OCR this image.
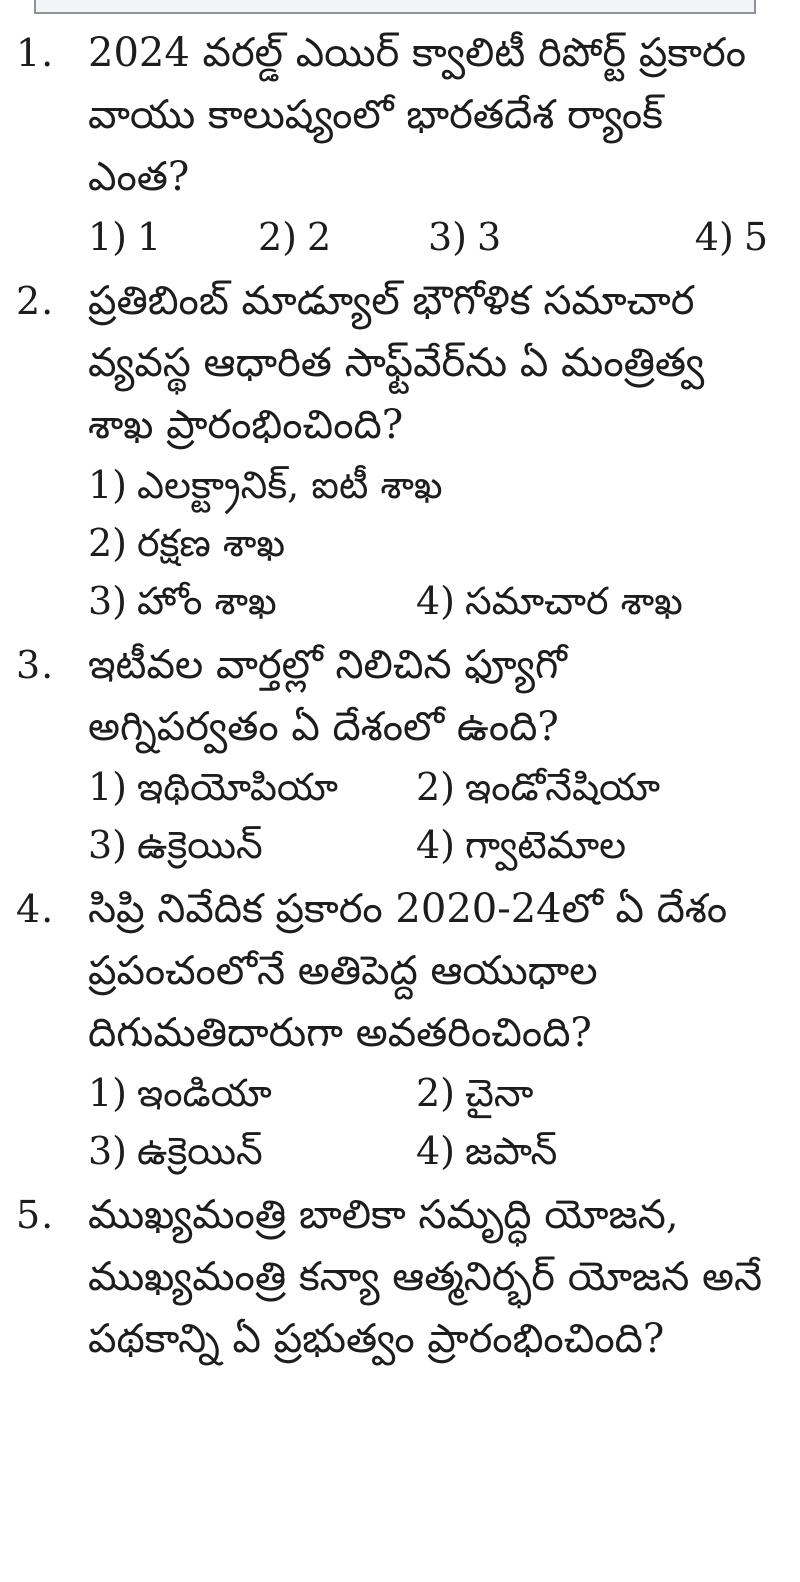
1. 2024 వరల్డ్ ఎయిర్ క్వాలిటీ రిపోర్ట్ ప్రకారం వాయు కాలుష్యంలో భారతదేశ ర్యాంక్ ఎంత?
1) 1	2) 2	3) 3	4) 5
2. ప్రతిబింబ్ మాడ్యూల్ భౌగోళిక సమాచార వ్యవస్థ ఆధారిత సాఫ్ట్‌వేర్‌ను ఏ మంత్రిత్వ శాఖ ప్రారంభించింది?
1) ఎలక్ట్రానిక్, ఐటీ శాఖ
2) రక్షణ శాఖ
3) హోం శాఖ	4) సమాచార శాఖ
3. ఇటీవల వార్తల్లో నిలిచిన ఫ్యూగో అగ్నిపర్వతం ఏ దేశంలో ఉంది?
1) ఇథియోపియా	2) ఇండోనేషియా
3) ఉక్రెయిన్	4) గ్వాటెమాల
4. సిప్రి నివేదిక ప్రకారం 2020-24లో ఏ దేశం ప్రపంచంలోనే అతిపెద్ద ఆయుధాల దిగుమతిదారుగా అవతరించింది?
1) ఇండియా	2) చైనా
3) ఉక్రెయిన్	4) జపాన్
5. ముఖ్యమంత్రి బాలికా సమృద్ధి యోజన, ముఖ్యమంత్రి కన్యా ఆత్మనిర్భర్ యోజన అనే పథకాన్ని ఏ ప్రభుత్వం ప్రారంభించింది?
